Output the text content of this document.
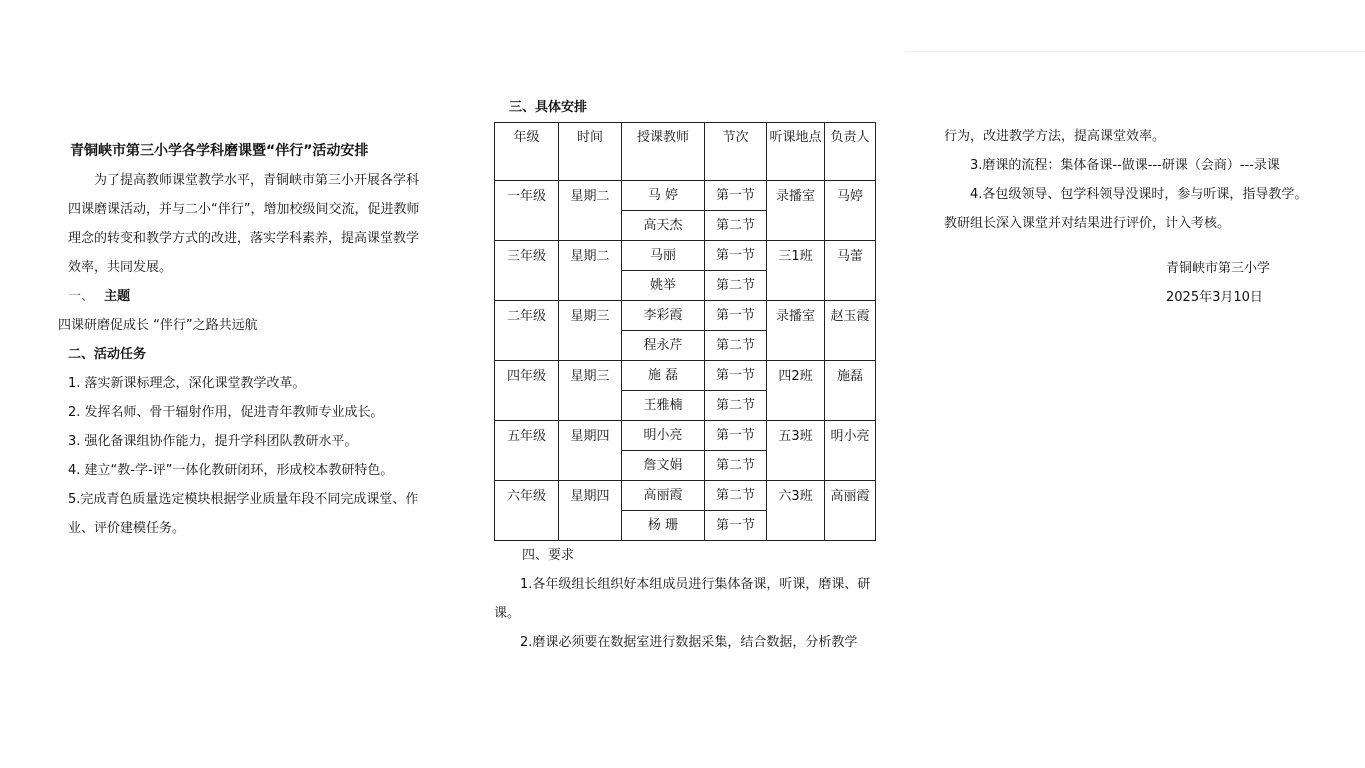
青铜峡市第三小学各学科磨课暨“伴行”活动安排

为了提高教师课堂教学水平，青铜峡市第三小开展各学科四课磨课活动，并与二小“伴行”，增加校级间交流，促进教师理念的转变和教学方式的改进，落实学科素养，提高课堂教学效率，共同发展。

一、 主题
四课研磨促成长 “伴行”之路共远航
二、活动任务
1. 落实新课标理念，深化课堂教学改革。
2. 发挥名师、骨干辐射作用，促进青年教师专业成长。
3. 强化备课组协作能力，提升学科团队教研水平。
4. 建立“教-学-评”一体化教研闭环，形成校本教研特色。

5.完成青色质量选定模块根据学业质量年段不同完成课堂、作业、评价建模任务。

三、具体安排
年级	时间	授课教师	节次	听课地点	负责人
一年级	星期二	马 婷	第一节	录播室	马婷
		高天杰	第二节		
三年级	星期二	马丽	第一节	三1班	马蕾
		姚举	第二节		
二年级	星期三	李彩霞	第一节	录播室	赵玉霞
		程永芹	第二节		
四年级	星期三	施 磊	第一节	四2班	施磊
		王雅楠	第二节		
五年级	星期四	明小亮	第一节	五3班	明小亮
		詹文娟	第二节		
六年级	星期四	高丽霞	第二节	六3班	高丽霞
		杨 珊	第一节		
四、要求

1.各年级组长组织好本组成员进行集体备课，听课，磨课、研课。

2.磨课必须要在数据室进行数据采集，结合数据，分析教学

行为，改进教学方法，提高课堂效率。
3.磨课的流程：集体备课--做课---研课（会商）---录课
4.各包级领导、包学科领导没课时，参与听课，指导教学。
教研组长深入课堂并对结果进行评价，计入考核。
青铜峡市第三小学
2025年3月10日
